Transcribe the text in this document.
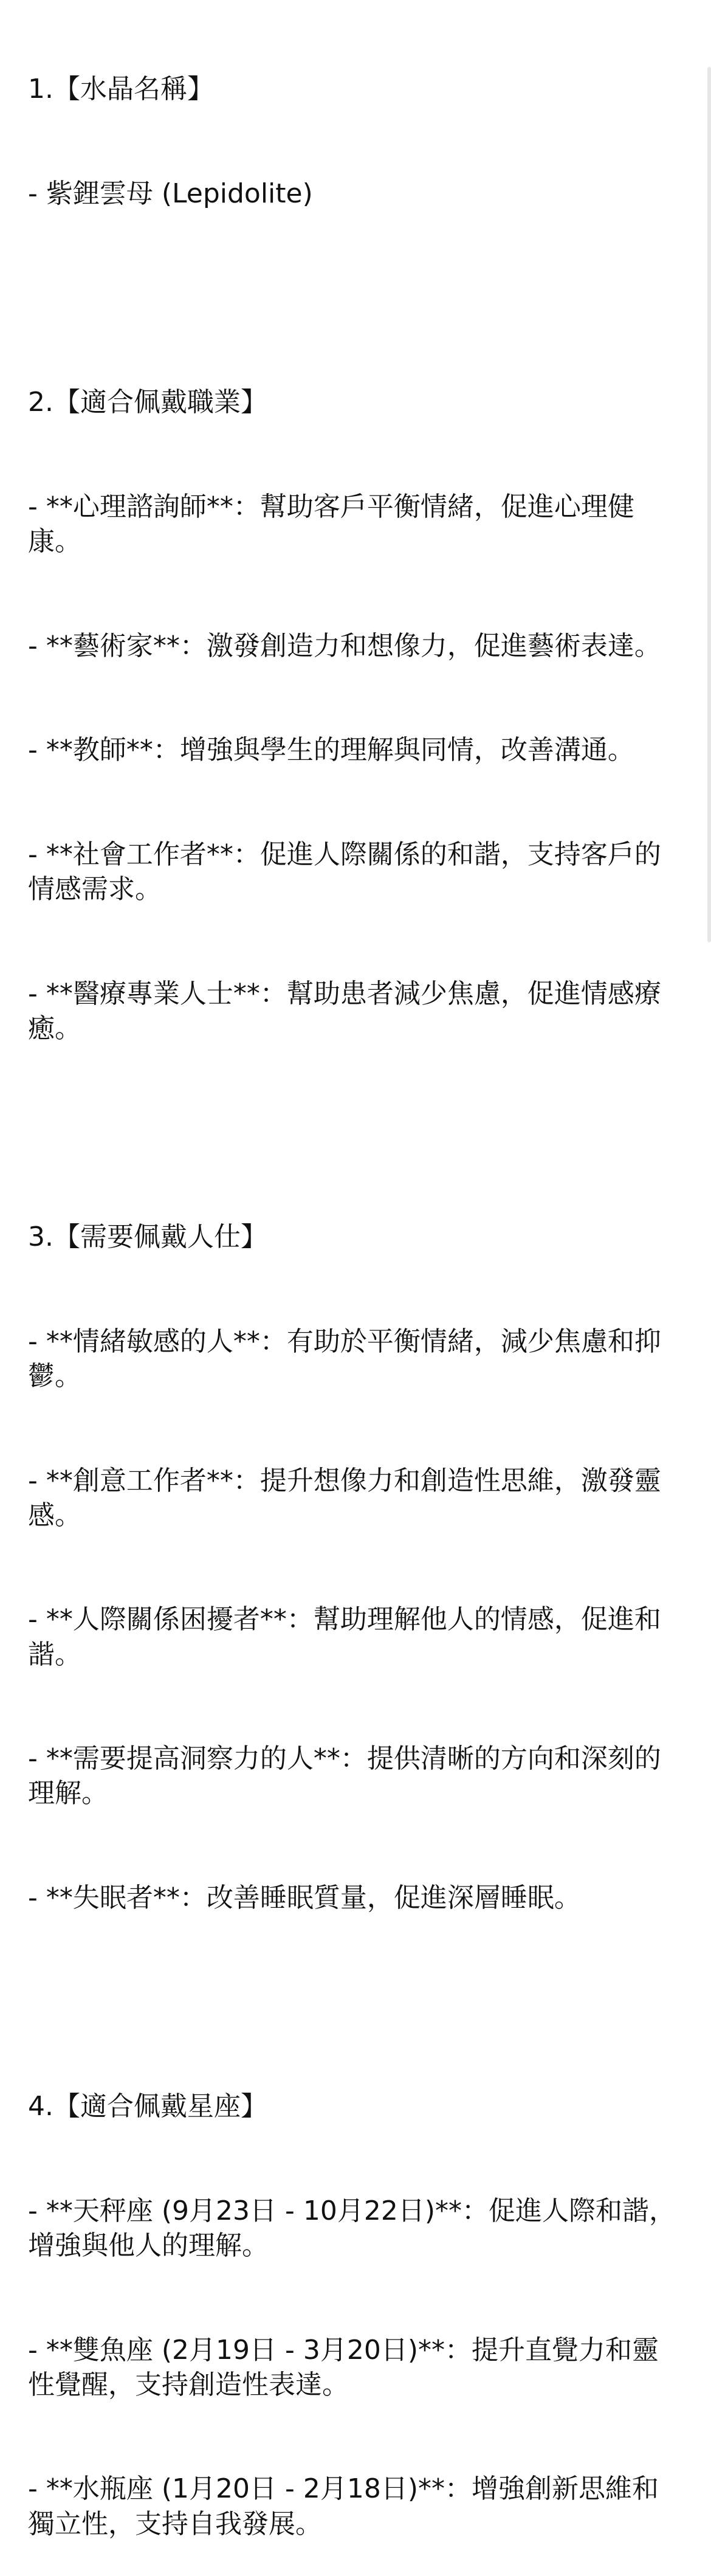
1.【水晶名稱】

- 紫鋰雲母 (Lepidolite)

2.【適合佩戴職業】

- **心理諮詢師**：幫助客戶平衡情緒，促進心理健康。

- **藝術家**：激發創造力和想像力，促進藝術表達。

- **教師**：增強與學生的理解與同情，改善溝通。

- **社會工作者**：促進人際關係的和諧，支持客戶的情感需求。

- **醫療專業人士**：幫助患者減少焦慮，促進情感療癒。

3.【需要佩戴人仕】

- **情緒敏感的人**：有助於平衡情緒，減少焦慮和抑鬱。

- **創意工作者**：提升想像力和創造性思維，激發靈感。

- **人際關係困擾者**：幫助理解他人的情感，促進和諧。

- **需要提高洞察力的人**：提供清晰的方向和深刻的理解。

- **失眠者**：改善睡眠質量，促進深層睡眠。

4.【適合佩戴星座】

- **天秤座 (9月23日 - 10月22日)**：促進人際和諧，增強與他人的理解。

- **雙魚座 (2月19日 - 3月20日)**：提升直覺力和靈性覺醒，支持創造性表達。

- **水瓶座 (1月20日 - 2月18日)**：增強創新思維和獨立性，支持自我發展。
